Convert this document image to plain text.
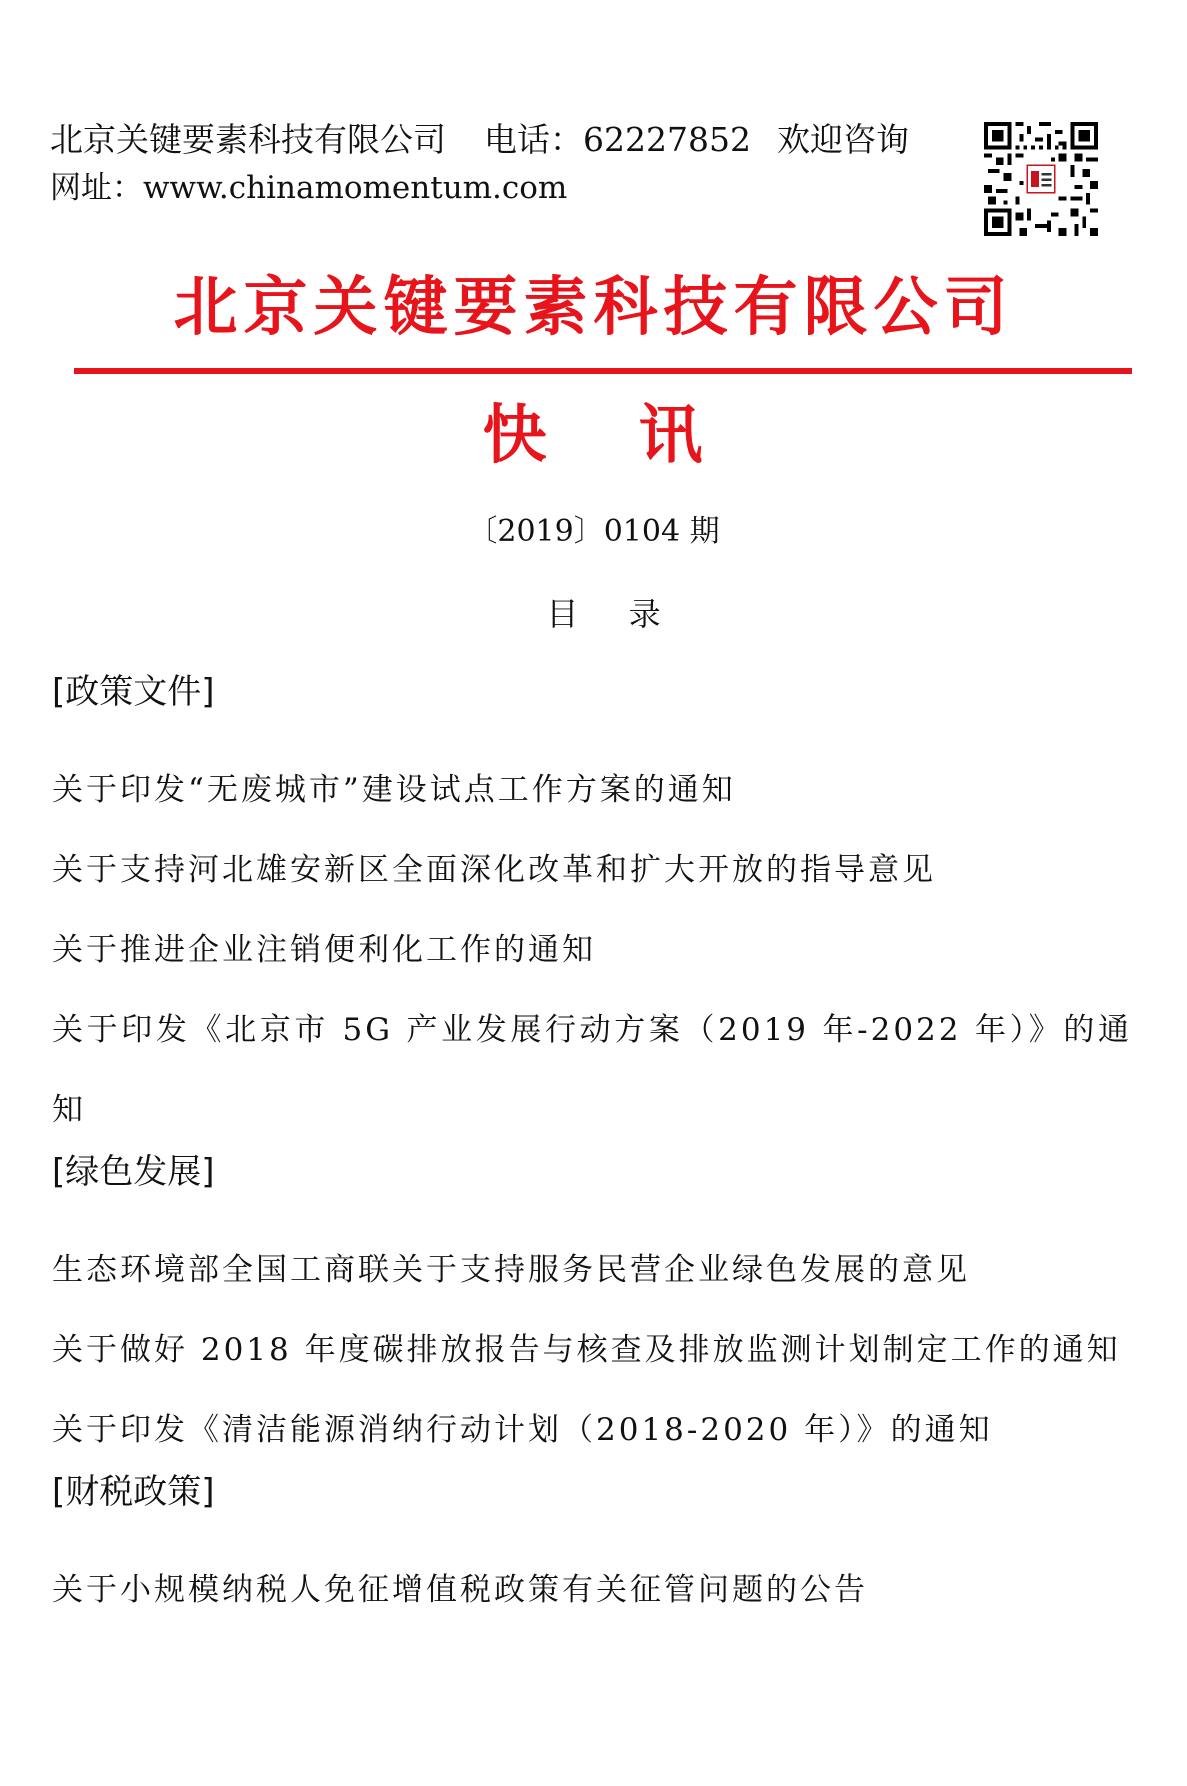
北京关键要素科技有限公司 电话：62227852 欢迎咨询
网址：www.chinamomentum.com
北京关键要素科技有限公司
快 讯
〔2019〕0104 期
目 录

[政策文件]

关于印发“无废城市”建设试点工作方案的通知

关于支持河北雄安新区全面深化改革和扩大开放的指导意见

关于推进企业注销便利化工作的通知

关于印发《北京市 5G 产业发展行动方案（2019 年-2022 年）》的通知

[绿色发展]

生态环境部全国工商联关于支持服务民营企业绿色发展的意见

关于做好 2018 年度碳排放报告与核查及排放监测计划制定工作的通知

关于印发《清洁能源消纳行动计划（2018-2020 年）》的通知

[财税政策]

关于小规模纳税人免征增值税政策有关征管问题的公告
